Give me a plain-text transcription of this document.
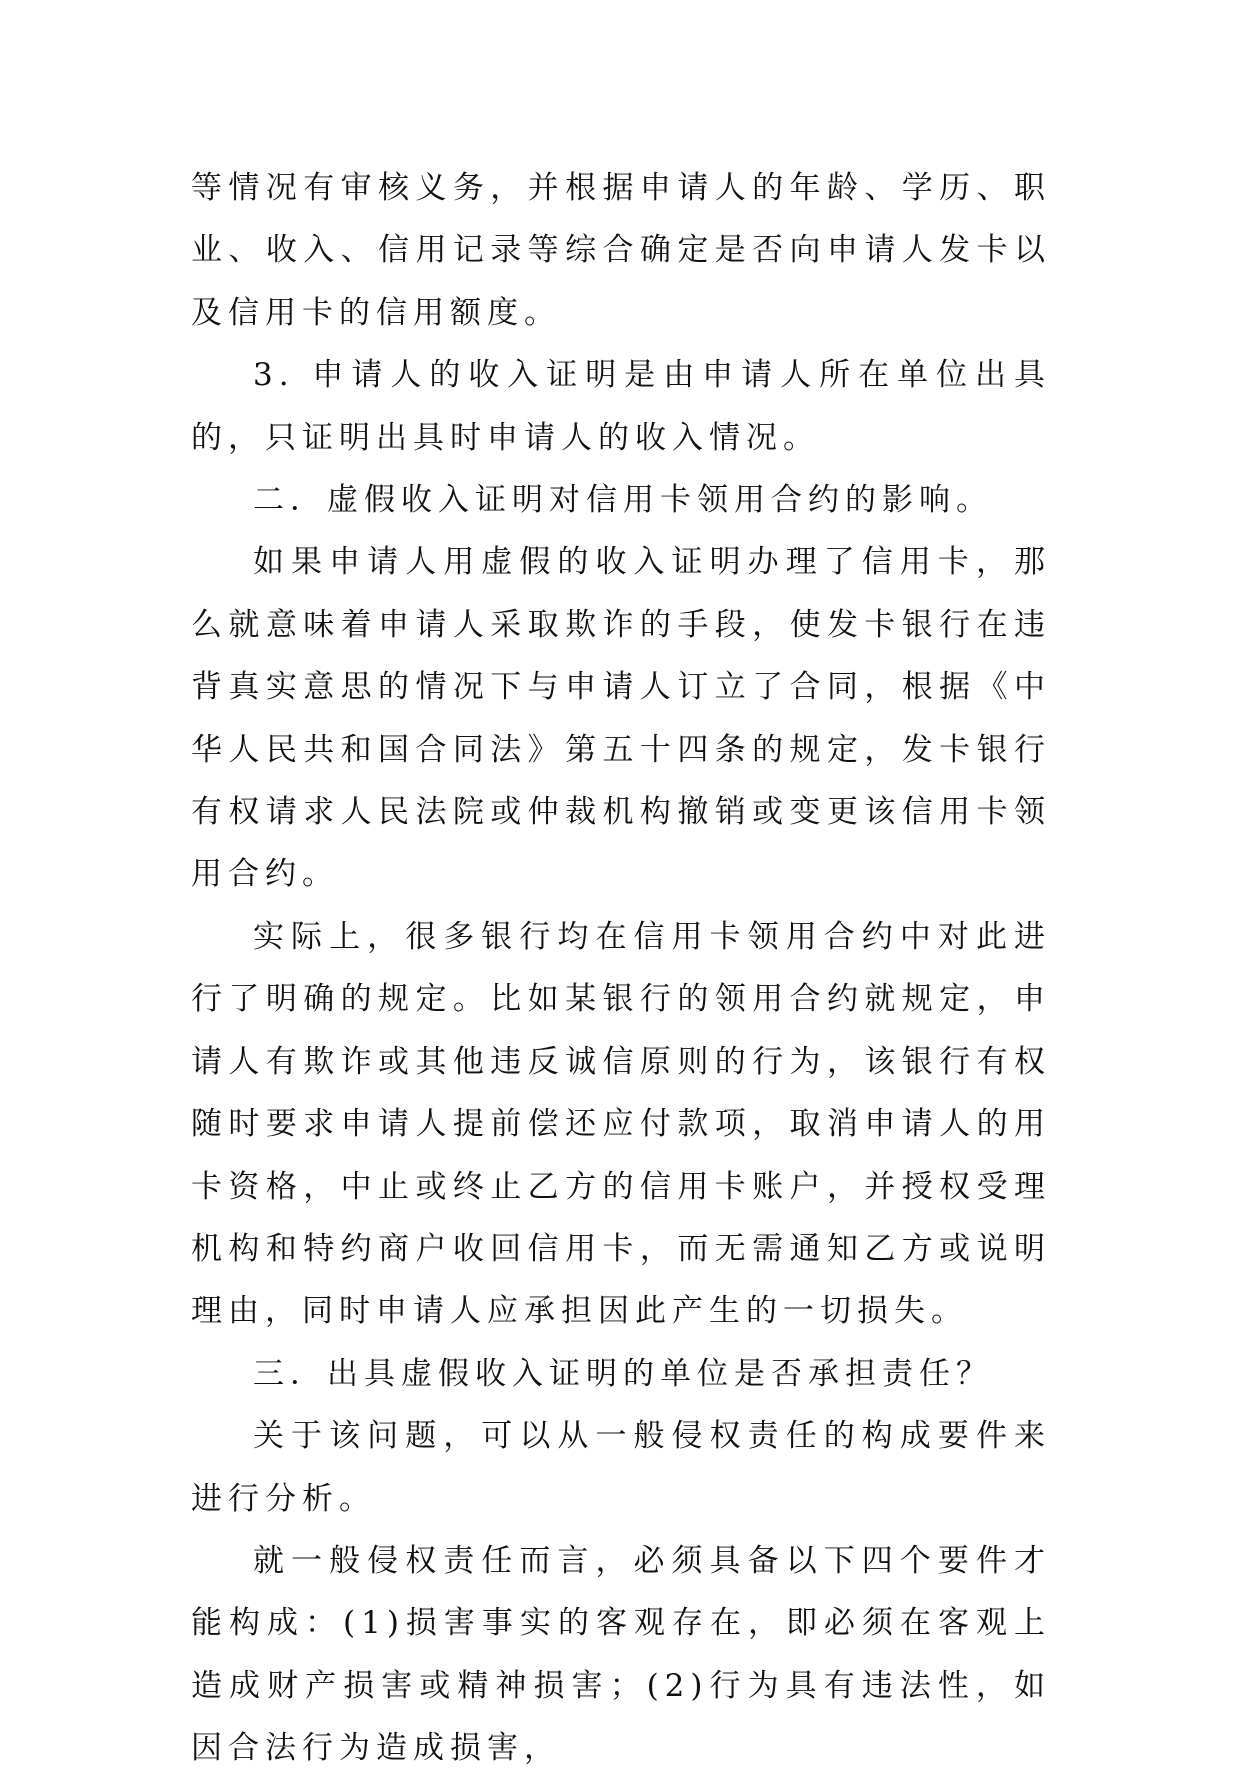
等情况有审核义务，并根据申请人的年龄、学历、职业、收入、信用记录等综合确定是否向申请人发卡以及信用卡的信用额度。

3. 申请人的收入证明是由申请人所在单位出具的，只证明出具时申请人的收入情况。

二．虚假收入证明对信用卡领用合约的影响。

如果申请人用虚假的收入证明办理了信用卡，那么就意味着申请人采取欺诈的手段，使发卡银行在违背真实意思的情况下与申请人订立了合同，根据《中华人民共和国合同法》第五十四条的规定，发卡银行有权请求人民法院或仲裁机构撤销或变更该信用卡领用合约。

实际上，很多银行均在信用卡领用合约中对此进行了明确的规定。比如某银行的领用合约就规定，申请人有欺诈或其他违反诚信原则的行为，该银行有权随时要求申请人提前偿还应付款项，取消申请人的用卡资格，中止或终止乙方的信用卡账户，并授权受理机构和特约商户收回信用卡，而无需通知乙方或说明理由，同时申请人应承担因此产生的一切损失。

三．出具虚假收入证明的单位是否承担责任？

关于该问题，可以从一般侵权责任的构成要件来进行分析。

就一般侵权责任而言，必须具备以下四个要件才能构成：(1)损害事实的客观存在，即必须在客观上造成财产损害或精神损害；(2)行为具有违法性，如因合法行为造成损害，
